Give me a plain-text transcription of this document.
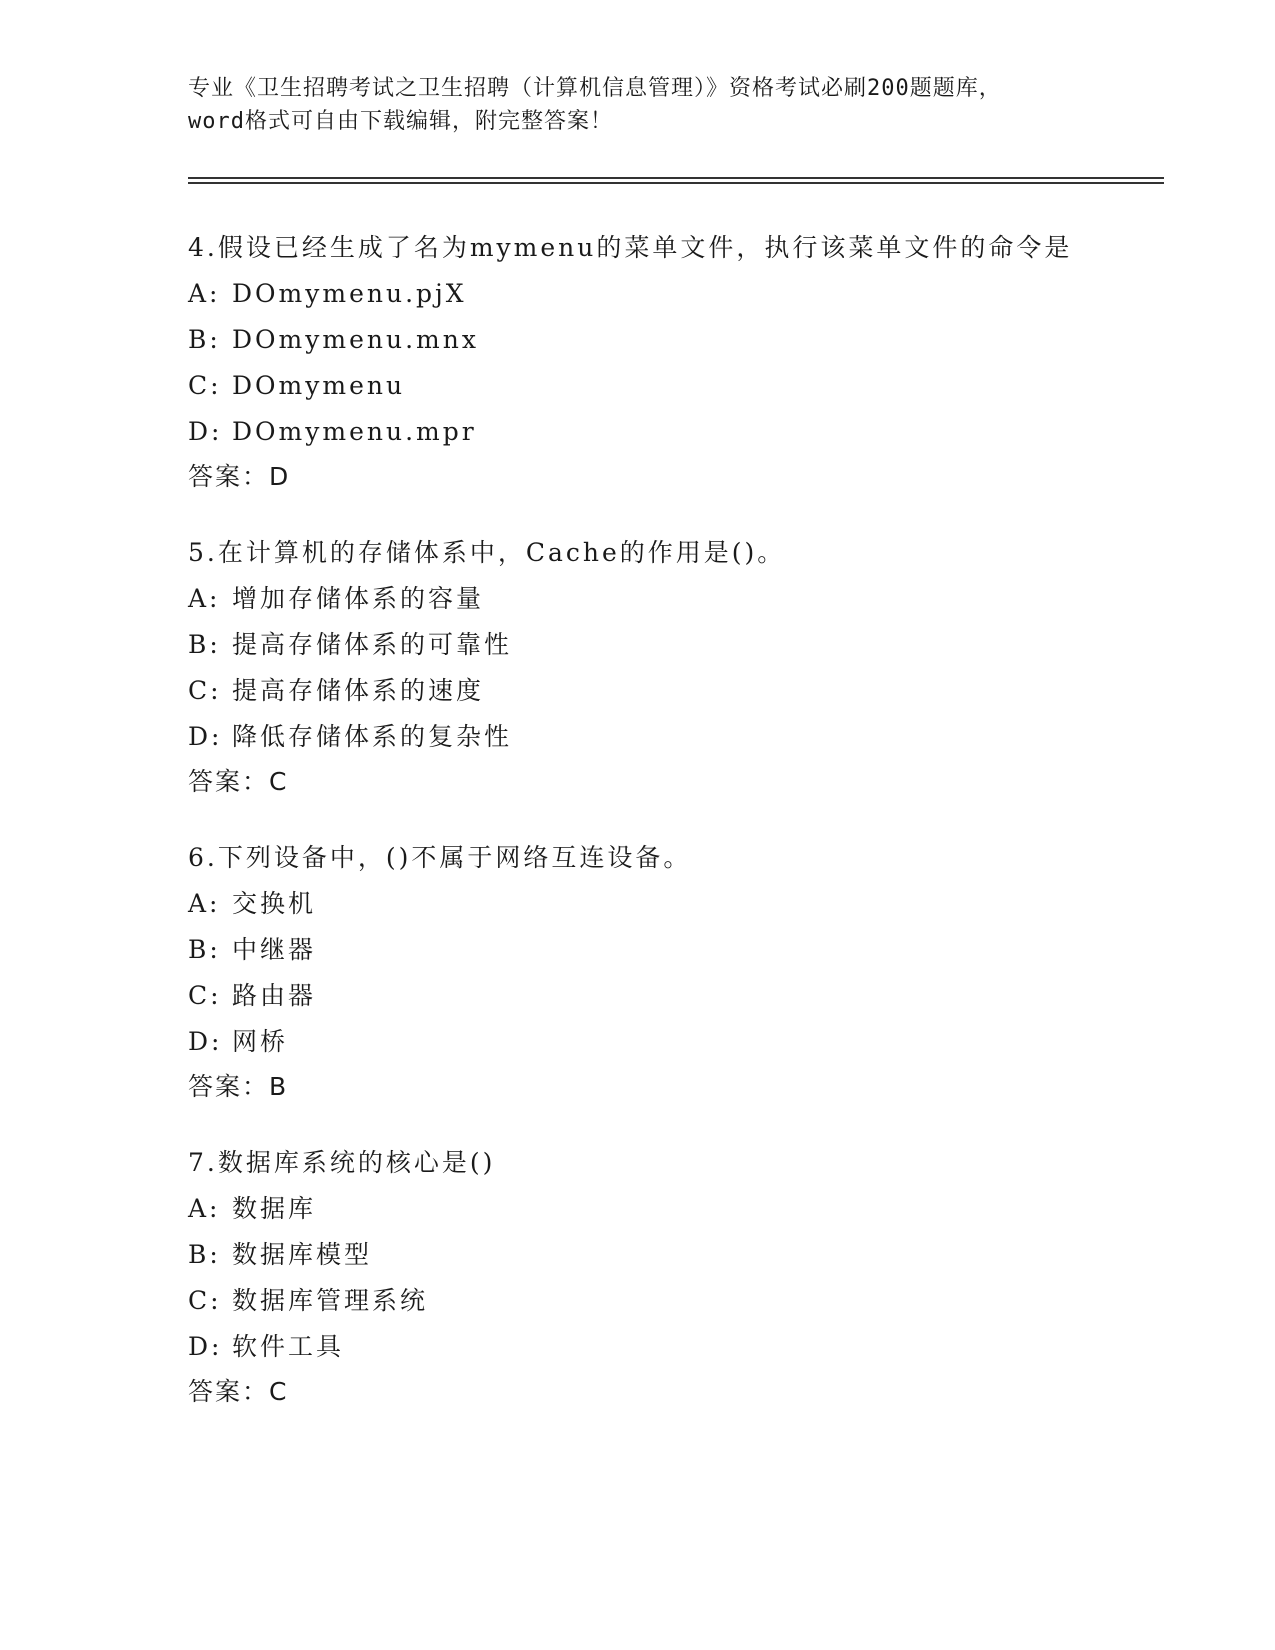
专业《卫生招聘考试之卫生招聘（计算机信息管理）》资格考试必刷200题题库，
word格式可自由下载编辑，附完整答案！
4.假设已经生成了名为mymenu的菜单文件，执行该菜单文件的命令是
A: DOmymenu.pjX
B: DOmymenu.mnx
C: DOmymenu
D: DOmymenu.mpr
答案：D
5.在计算机的存储体系中，Cache的作用是()。
A: 增加存储体系的容量
B: 提高存储体系的可靠性
C: 提高存储体系的速度
D: 降低存储体系的复杂性
答案：C
6.下列设备中，()不属于网络互连设备。
A: 交换机
B: 中继器
C: 路由器
D: 网桥
答案：B
7.数据库系统的核心是()
A: 数据库
B: 数据库模型
C: 数据库管理系统
D: 软件工具
答案：C
